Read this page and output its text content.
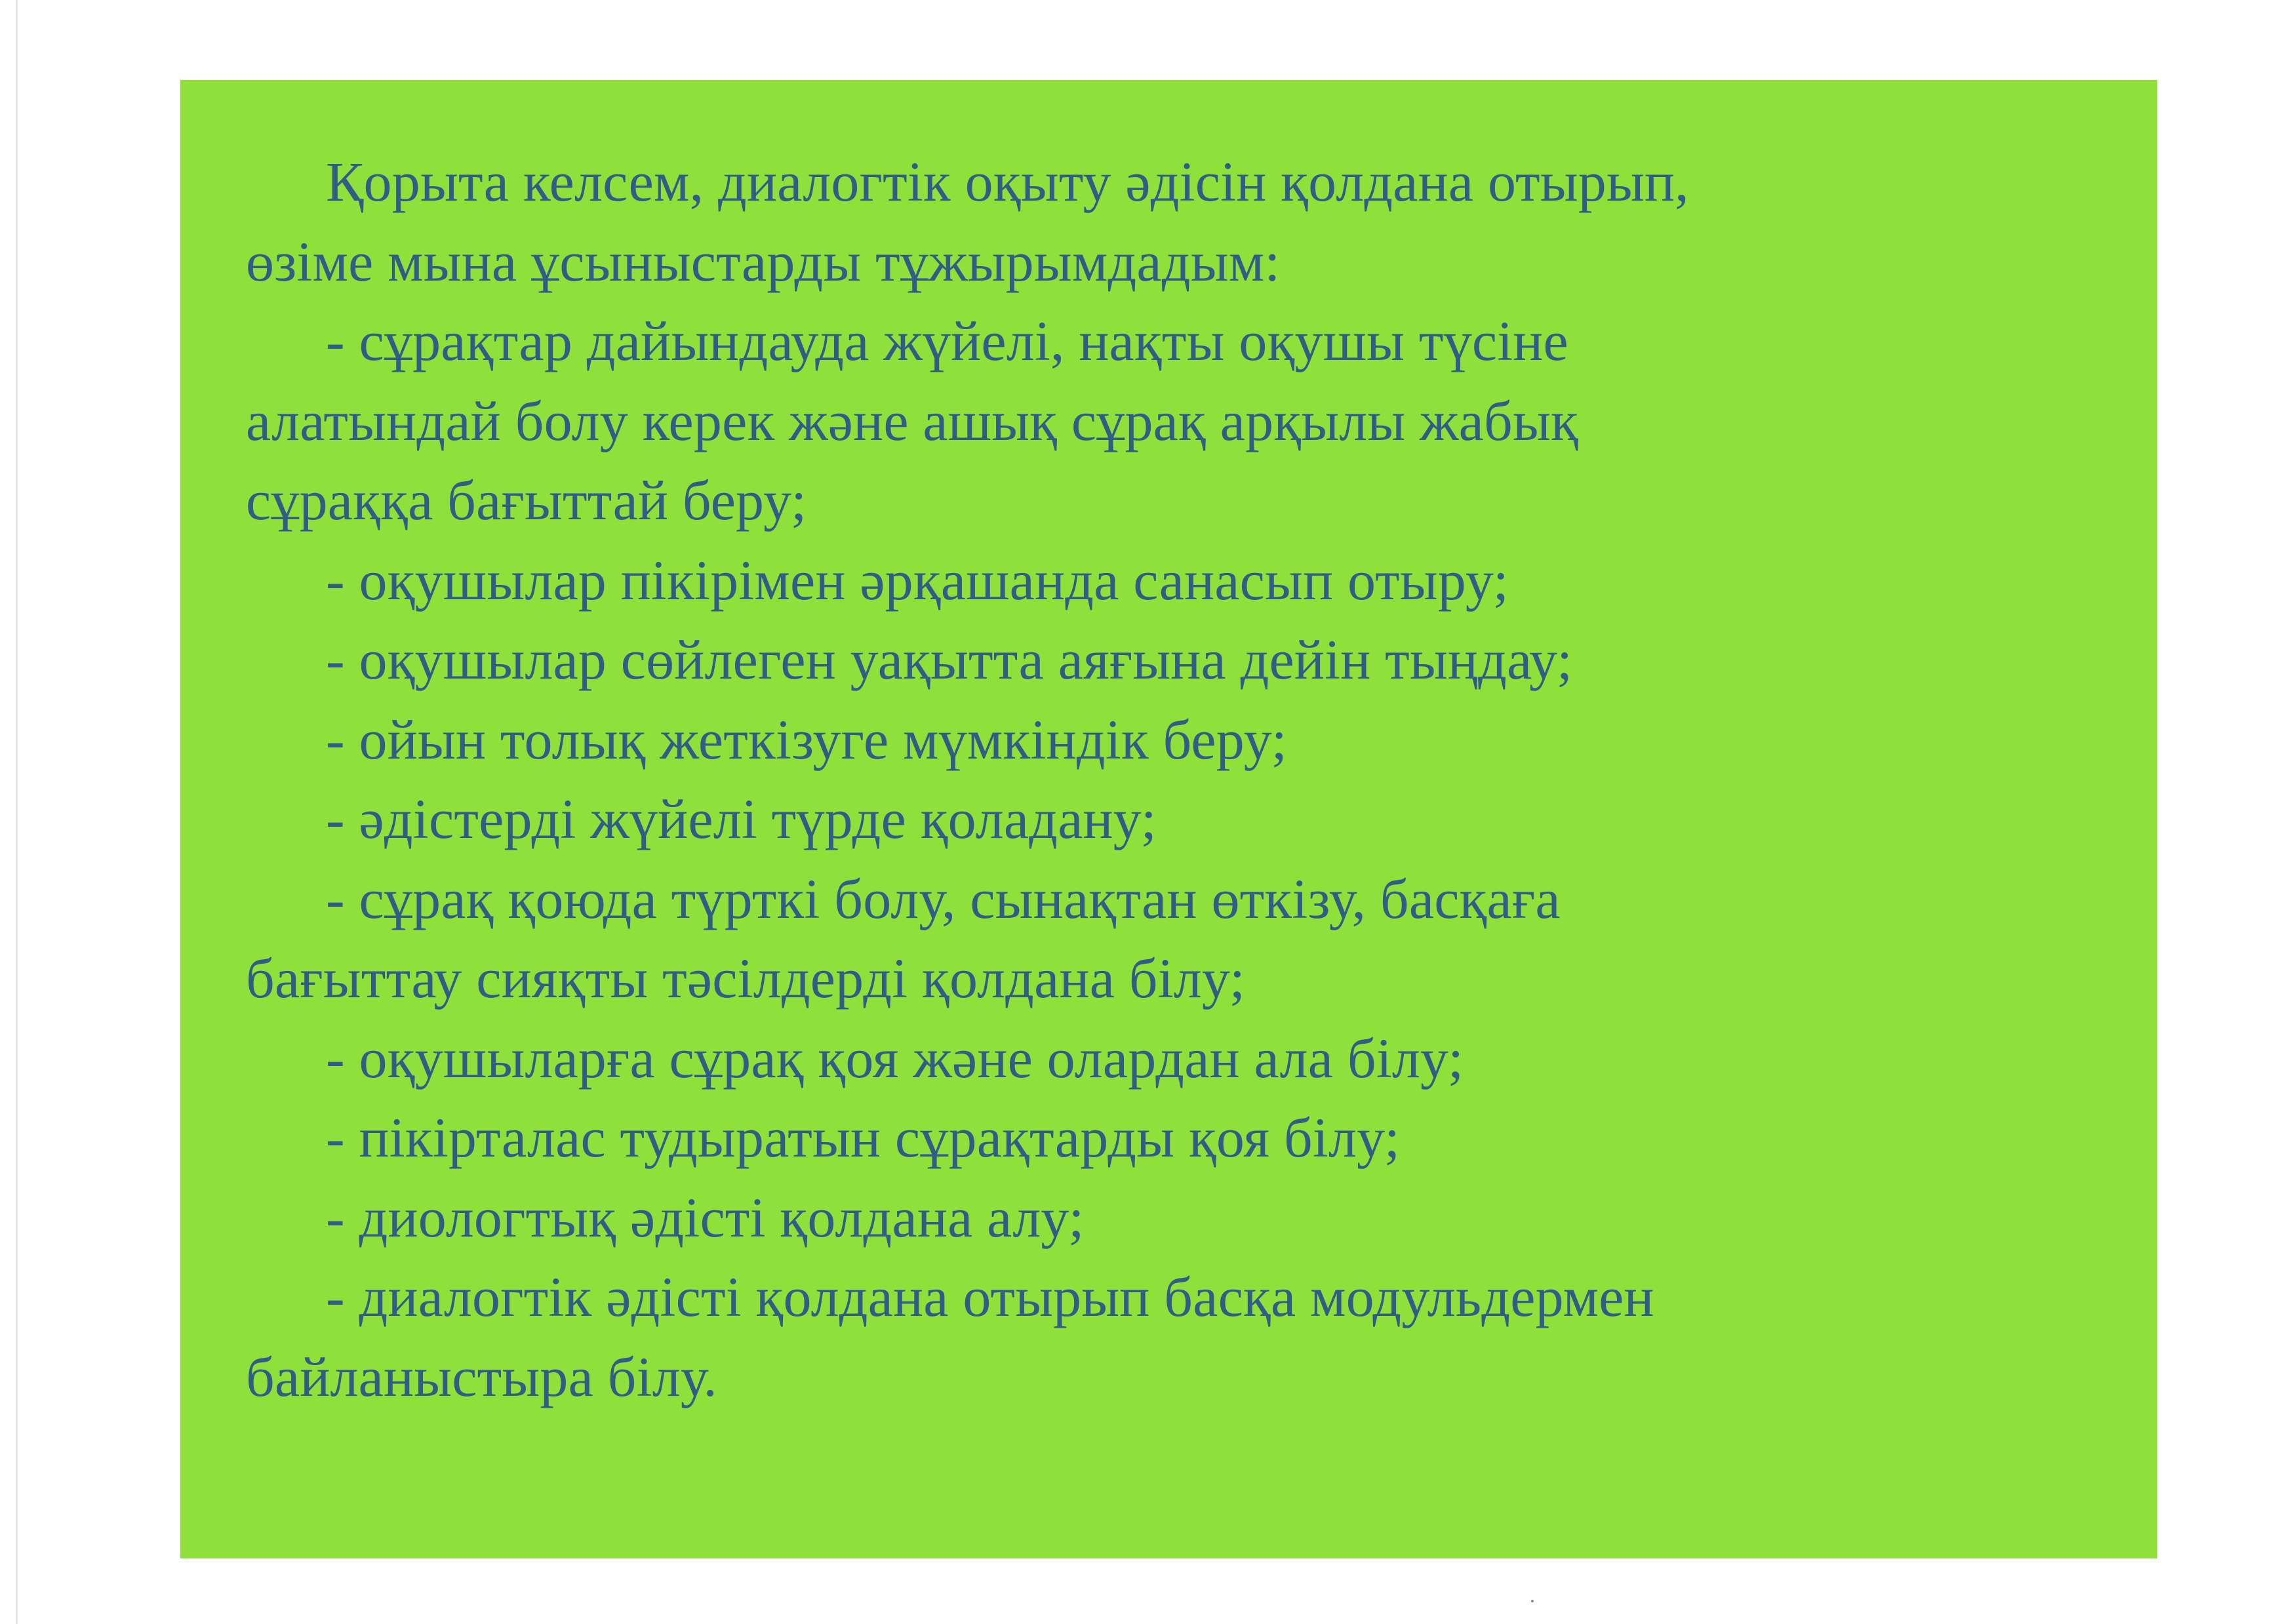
Қорыта келсем, диалогтік оқыту әдісін қолдана отырып,
өзіме мына ұсыныстарды тұжырымдадым:

- сұрақтар дайындауда жүйелі, нақты оқушы түсіне
алатындай болу керек және ашық сұрақ арқылы жабық
сұраққа бағыттай беру;

- оқушылар пікірімен әрқашанда санасып отыру;

- оқушылар сөйлеген уақытта аяғына дейін тыңдау;

- ойын толық жеткізуге мүмкіндік беру;

- әдістерді жүйелі түрде қоладану;

- сұрақ қоюда түрткі болу, сынақтан өткізу, басқаға
бағыттау сияқты тәсілдерді қолдана білу;

- оқушыларға сұрақ қоя және олардан ала білу;

- пікірталас тудыратын сұрақтарды қоя білу;

- диологтық әдісті қолдана алу;

- диалогтік әдісті қолдана отырып басқа модульдермен
байланыстыра білу.
